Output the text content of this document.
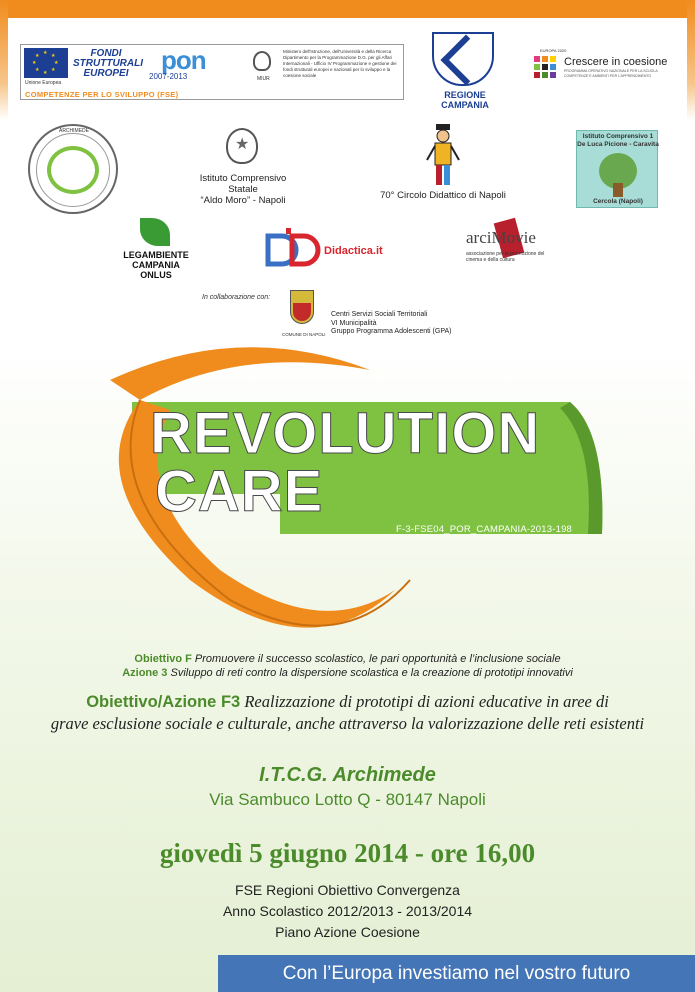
★ ★
★
★
★
★
★
★
Unione Europea
FONDI
STRUTTURALI
EUROPEI	pon
2007-2013	MIUR
Ministero dell'Istruzione, dell'Università e della Ricerca Dipartimento per la Programmazione D.G. per gli Affari Internazionali - Ufficio IV Programmazione e gestione dei fondi strutturali europei e nazionali per lo sviluppo e la coesione sociale
COMPETENZE PER LO SVILUPPO (FSE)	REGIONE CAMPANIA
EUROPA 2020
Crescere in coesione
PROGRAMMA OPERATIVO NAZIONALE PER LA SCUOLA COMPETENZE E AMBIENTI PER L'APPRENDIMENTO
ARCHIMEDE
★
Istituto Comprensivo Statale
“Aldo Moro” - Napoli	70° Circolo Didattico di Napoli
Istituto Comprensivo 1
De Luca Picione - Caravita
Cercola (Napoli)
LEGAMBIENTE
CAMPANIA
ONLUS
Didactica.it
arciMovie
associazione per la promozione del cinema e della cultura
In collaborazione con:
COMUNE DI NAPOLI
Centri Servizi Sociali Territoriali
VI Municipalità
Gruppo Programma Adolescenti (GPA)
REVOLUTION
CARE
F-3-FSE04_POR_CAMPANIA-2013-198
Obiettivo F Promuovere il successo scolastico, le pari opportunità e l’inclusione sociale
Azione 3 Sviluppo di reti contro la dispersione scolastica e la creazione di prototipi innovativi
Obiettivo/Azione F3 Realizzazione di prototipi di azioni educative in aree di
grave esclusione sociale e culturale, anche attraverso la valorizzazione delle reti esistenti
I.T.C.G. Archimede
Via Sambuco Lotto Q - 80147 Napoli
giovedì 5 giugno 2014 - ore 16,00
FSE Regioni Obiettivo Convergenza
Anno Scolastico 2012/2013 - 2013/2014
Piano Azione Coesione
Con l’Europa investiamo nel vostro futuro
